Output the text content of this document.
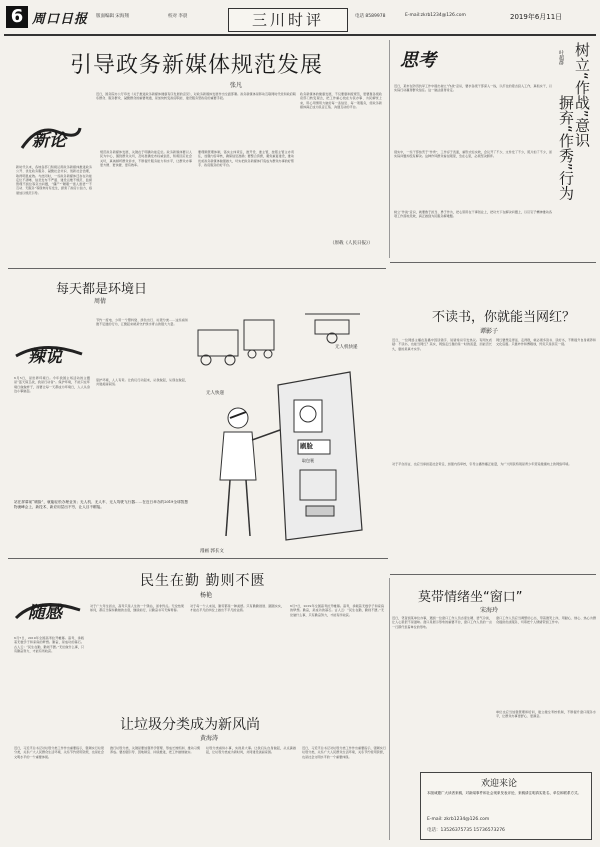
6 周口日报 版面编辑 宋海翔	校对 李晨	三川时评	电话 8589978	E-mail:zkrb1234@126.com	2019年6月11日
引导政务新媒体规范发展
张凡
新论
近日，国务院办公厅印发《关于推进政务新媒体健康有序发展的意见》，对政务新媒体发展作出全面部署。政务新媒体是移动互联网时代党和政府联系群众、服务群众、凝聚群众的重要渠道，是加快转变政府职能、建设服务型政府的重要手段。
新时代以来，各地各部门积极运用政务新媒体推进政务公开、优化政务服务、凝聚社会共识、创新社会治理，取得明显成效。与此同时，一些政务新媒体还存在功能定位不清晰、信息发布不严谨、建设运维不规范、监督管理不到位等突出问题，“僵尸”“睡眠”“雷人雷语”“不互动、无服务”等现象时有发生，损害了政府公信力，亟须加以规范引导。
规范政务新媒体发展，关键在于明确功能定位。政务新媒体要以人民为中心，围绕群众关切，及时准确发布权威信息，积极回应社会关切，真诚倾听群众诉求，不断提升服务能力和水平，让群众办事更方便、更快捷、更有效率。
要理顺管理体制，落实主体责任，谁开设、谁主管，按照主管主办责任，加强内容审核，确保信息准确；要整合资源，避免重复建设，推动优质政务新媒体做强做大，切实把政务新媒体打造成为群众办事的好帮手、政府服务的好平台。
政务新媒体的健康发展，不仅要靠制度规范，更要靠各级政府部门转变观念，把工作重心放在为民办事、为民解忧上来，用心用情用力做好每一条信息、每一项服务，使政务新媒体真正成为民意汇集、沟通互动的平台。
（原载《人民日报》）
思考
近日，某市在防汛抗旱工作中提出树立“作战”意识，要求各级干部深入一线，以打仗的姿态投入工作，真抓实干，以实际行动赢得群众信任。这一做法值得肯定。
现实中，一些干部热衷于“作秀”，工作浮于表面，重形式轻实效，会议开了不少，文件发了不少，照片拍了不少，而实际问题却没有解决。这种作风群众看在眼里，急在心里，必须坚决摒弃。
树立“作战”意识，就要敢于担当、勇于作为，把心思用在干事创业上，把功夫下在解决问题上，以钉钉子精神推动各项工作落地见效，真正做到为民服务解难题。
树立“作战”意识
摒弃“作秀”行为
叶超群
不读书，你就能当网红？
谭影子
近日，一位网络主播在直播中因读错字、说错常识引发热议。有网友质疑：不读书，也能当网红？其实，网络走红靠的是一时的流量，而能否长久，靠的是真才实学。
网红要想走得远、走得稳，就必须多读书、读好书，不断提升自身素养和文化底蕴。只靠炒作和博眼球，终究只是昙花一现。
对于平台而言，也应当承担起社会责任，加强内容审核，引导主播传播正能量，为广大网民特别是青少年营造健康向上的网络环境。
每天都是环境日
周倩
辣说
6月5日，是世界环境日。今年我国主场活动的主题是“蓝天保卫战，我是行动者”。保护环境，不能只在环境日做做样子，而要让每一天都成为环境日，人人从身边小事做起。
节约一度电、少用一个塑料袋、绿色出行、垃圾分类……这些看似微不足道的行为，汇聚起来就是守护绿水青山的强大力量。
爱护环境，人人有责。让我们行动起来，从我做起，从现在做起，共建美丽家园。
站在屏幕前“刷脸”，就能轻松办理业务；无人机、无人车、无人驾驶飞行器……在近日举办的2019全球智慧物流峰会上，新技术、新应用层出不穷，让人目不暇接。
无人快递
无人机快递
刷脸
取包裹
漫画 郭长文
民生在勤 勤则不匮
杨艳
随感
6月7日，2019年全国高考拉开帷幕。高考，承载着无数学子和家庭的梦想。勤奋，是成功的基石。古人云：“民生在勤，勤则不匮。”无论做什么事，只有勤奋努力，才能有所收获。
对于广大考生而言，高考只是人生的一个驿站，而非终点。无论结果如何，都应当保持勤勉的态度，继续前行，以勤奋书写无悔青春。
对于每一个人来说，勤劳都是一种美德。只有勤勤恳恳、踏踏实实，才能在平凡的岗位上做出不平凡的业绩。
6月7日，2019年全国高考拉开帷幕。高考，承载着无数学子和家庭的梦想。勤奋，是成功的基石。古人云：“民生在勤，勤则不匮。”无论做什么事，只有勤奋努力，才能有所收获。
让垃圾分类成为新风尚
黄海涛
近日，习近平总书记对垃圾分类工作作出重要指示，强调实行垃圾分类，关系广大人民群众生活环境，关系节约使用资源，也是社会文明水平的一个重要体现。
推行垃圾分类，关键是要加强科学管理、形成长效机制、推动习惯养成。要加强引导、因地制宜、持续推进，把工作做细做实。
垃圾分类看似小事，实则是大事。让我们从自身做起，从点滴做起，让垃圾分类成为新时尚，共同建设美丽家园。
近日，习近平总书记对垃圾分类工作作出重要指示，强调实行垃圾分类，关系广大人民群众生活环境，关系节约使用资源，也是社会文明水平的一个重要体现。
莫带情绪坐“窗口”
宋海玲
近日，笔者到某单位办事，遇到一位窗口工作人员态度生硬、语气冷淡，让人心里很不是滋味。窗口是展示形象的重要平台，窗口工作人员的一言一行都代表着单位的形象。
窗口工作人员应当调整好心态，带着微笑上岗，用耐心、细心、热心为群众提供优质服务，切莫把个人情绪带到工作中。
单位也应当加强管理和培训，建立健全考核机制，不断提升窗口服务水平，让群众办事更舒心、更满意。
欢迎来论
本版诚邀广大读者来稿，对新闻事件和社会现象发表评论，来稿请注明真实姓名、单位和联系方式。
E-mail: zkrb1234@126.com
电话：13526375735 15736573276
